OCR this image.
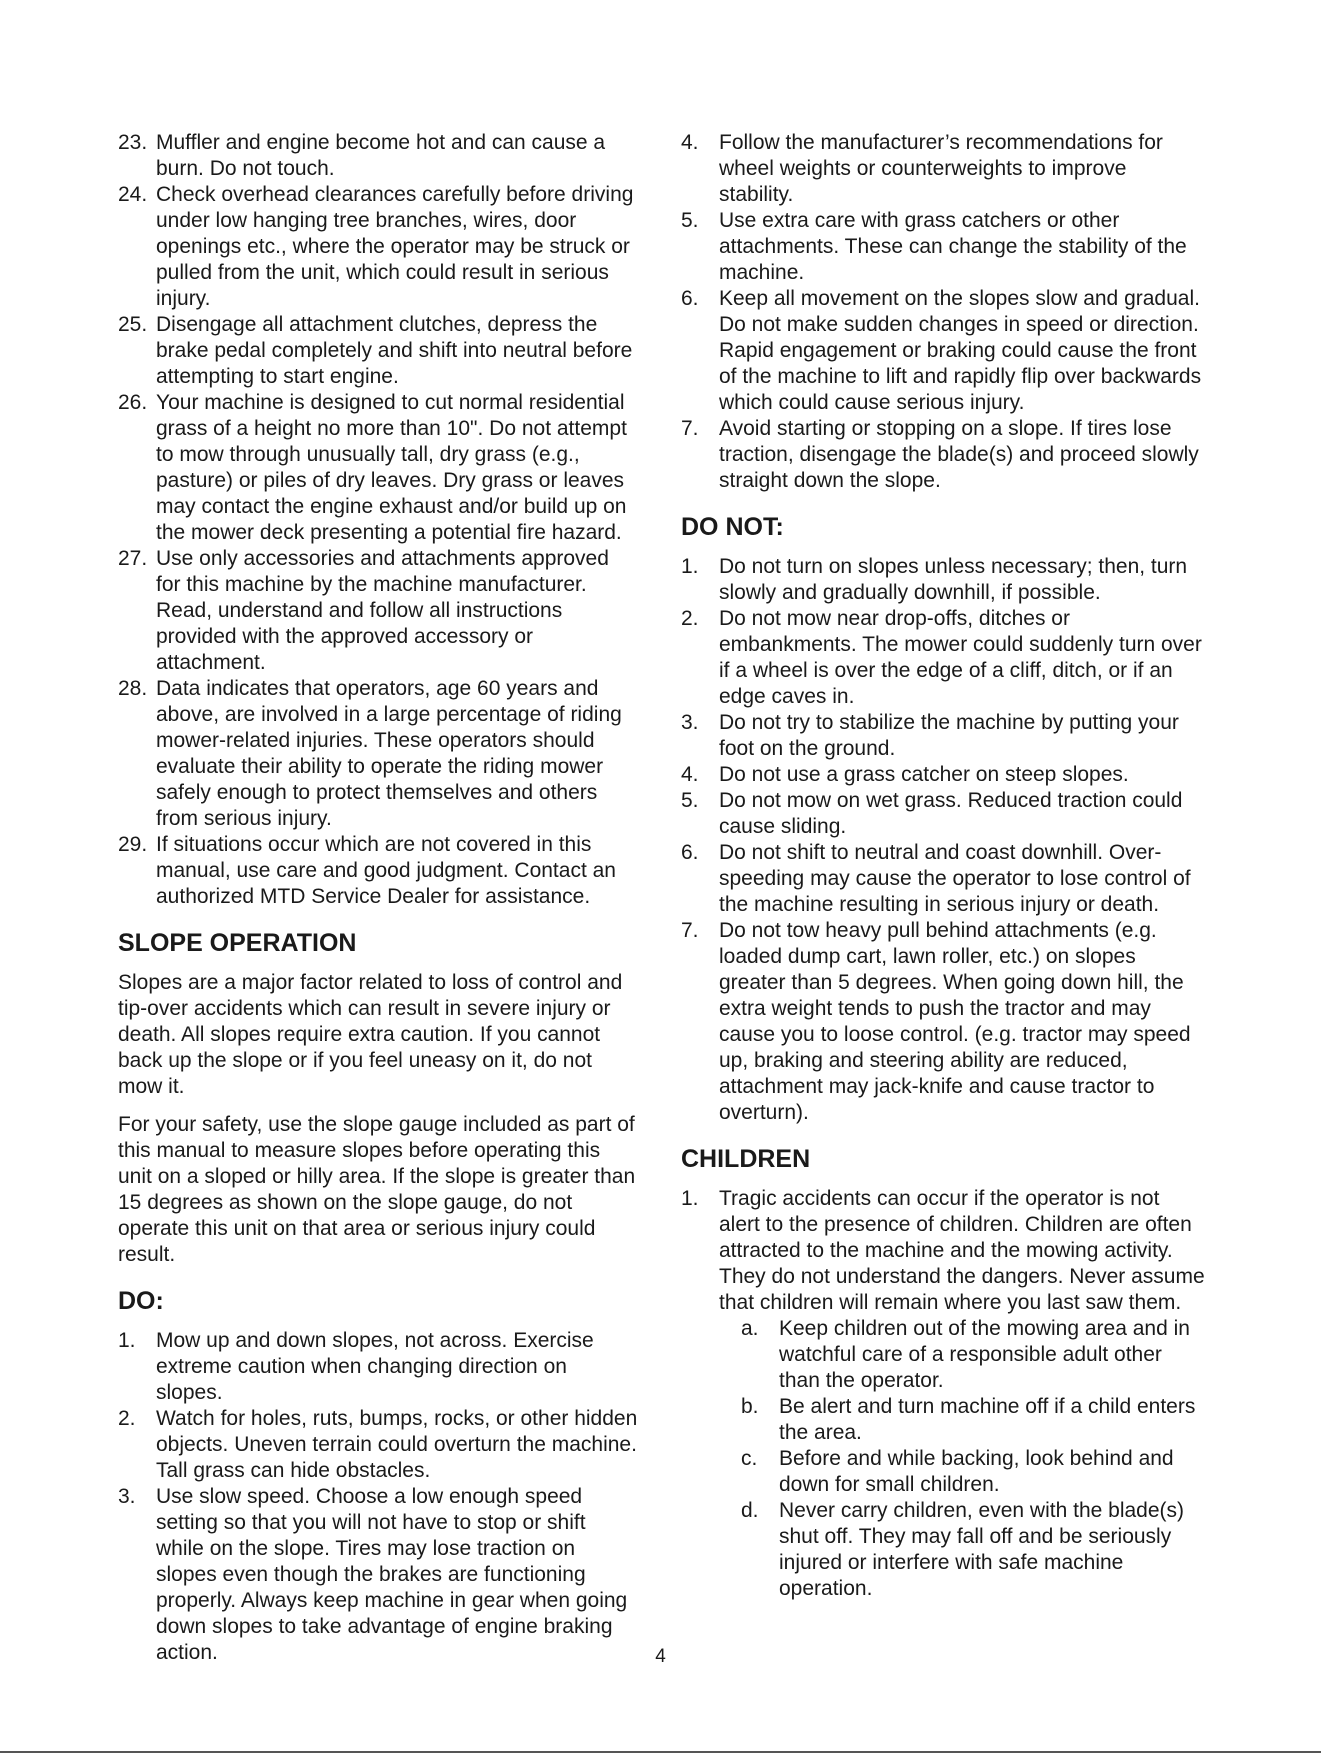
23. Muffler and engine become hot and can cause a burn. Do not touch.
24. Check overhead clearances carefully before driving under low hanging tree branches, wires, door openings etc., where the operator may be struck or pulled from the unit, which could result in serious injury.
25. Disengage all attachment clutches, depress the brake pedal completely and shift into neutral before attempting to start engine.
26. Your machine is designed to cut normal residential grass of a height no more than 10". Do not attempt to mow through unusually tall, dry grass (e.g., pasture) or piles of dry leaves. Dry grass or leaves may contact the engine exhaust and/or build up on the mower deck presenting a potential fire hazard.
27. Use only accessories and attachments approved for this machine by the machine manufacturer. Read, understand and follow all instructions provided with the approved accessory or attachment.
28. Data indicates that operators, age 60 years and above, are involved in a large percentage of riding mower-related injuries. These operators should evaluate their ability to operate the riding mower safely enough to protect themselves and others from serious injury.
29. If situations occur which are not covered in this manual, use care and good judgment. Contact an authorized MTD Service Dealer for assistance.
SLOPE OPERATION

Slopes are a major factor related to loss of control and tip-over accidents which can result in severe injury or death. All slopes require extra caution. If you cannot back up the slope or if you feel uneasy on it, do not mow it.

For your safety, use the slope gauge included as part of this manual to measure slopes before operating this unit on a sloped or hilly area. If the slope is greater than 15 degrees as shown on the slope gauge, do not operate this unit on that area or serious injury could result.

DO:
1. Mow up and down slopes, not across. Exercise extreme caution when changing direction on slopes.
2. Watch for holes, ruts, bumps, rocks, or other hidden objects. Uneven terrain could overturn the machine. Tall grass can hide obstacles.
3. Use slow speed. Choose a low enough speed setting so that you will not have to stop or shift while on the slope. Tires may lose traction on slopes even though the brakes are functioning properly. Always keep machine in gear when going down slopes to take advantage of engine braking action.
4. Follow the manufacturer’s recommendations for wheel weights or counterweights to improve stability.
5. Use extra care with grass catchers or other attachments. These can change the stability of the machine.
6. Keep all movement on the slopes slow and gradual. Do not make sudden changes in speed or direction. Rapid engagement or braking could cause the front of the machine to lift and rapidly flip over backwards which could cause serious injury.
7. Avoid starting or stopping on a slope. If tires lose traction, disengage the blade(s) and proceed slowly straight down the slope.
DO NOT:
1. Do not turn on slopes unless necessary; then, turn slowly and gradually downhill, if possible.
2. Do not mow near drop-offs, ditches or embankments. The mower could suddenly turn over if a wheel is over the edge of a cliff, ditch, or if an edge caves in.
3. Do not try to stabilize the machine by putting your foot on the ground.
4. Do not use a grass catcher on steep slopes.
5. Do not mow on wet grass. Reduced traction could cause sliding.
6. Do not shift to neutral and coast downhill. Over-speeding may cause the operator to lose control of the machine resulting in serious injury or death.
7. Do not tow heavy pull behind attachments (e.g. loaded dump cart, lawn roller, etc.) on slopes greater than 5 degrees. When going down hill, the extra weight tends to push the tractor and may cause you to loose control. (e.g. tractor may speed up, braking and steering ability are reduced, attachment may jack-knife and cause tractor to overturn).
CHILDREN
1. Tragic accidents can occur if the operator is not alert to the presence of children. Children are often attracted to the machine and the mowing activity. They do not understand the dangers. Never assume that children will remain where you last saw them.
a. Keep children out of the mowing area and in watchful care of a responsible adult other than the operator.
b. Be alert and turn machine off if a child enters the area.
c. Before and while backing, look behind and down for small children.
d. Never carry children, even with the blade(s) shut off. They may fall off and be seriously injured or interfere with safe machine operation.
4
